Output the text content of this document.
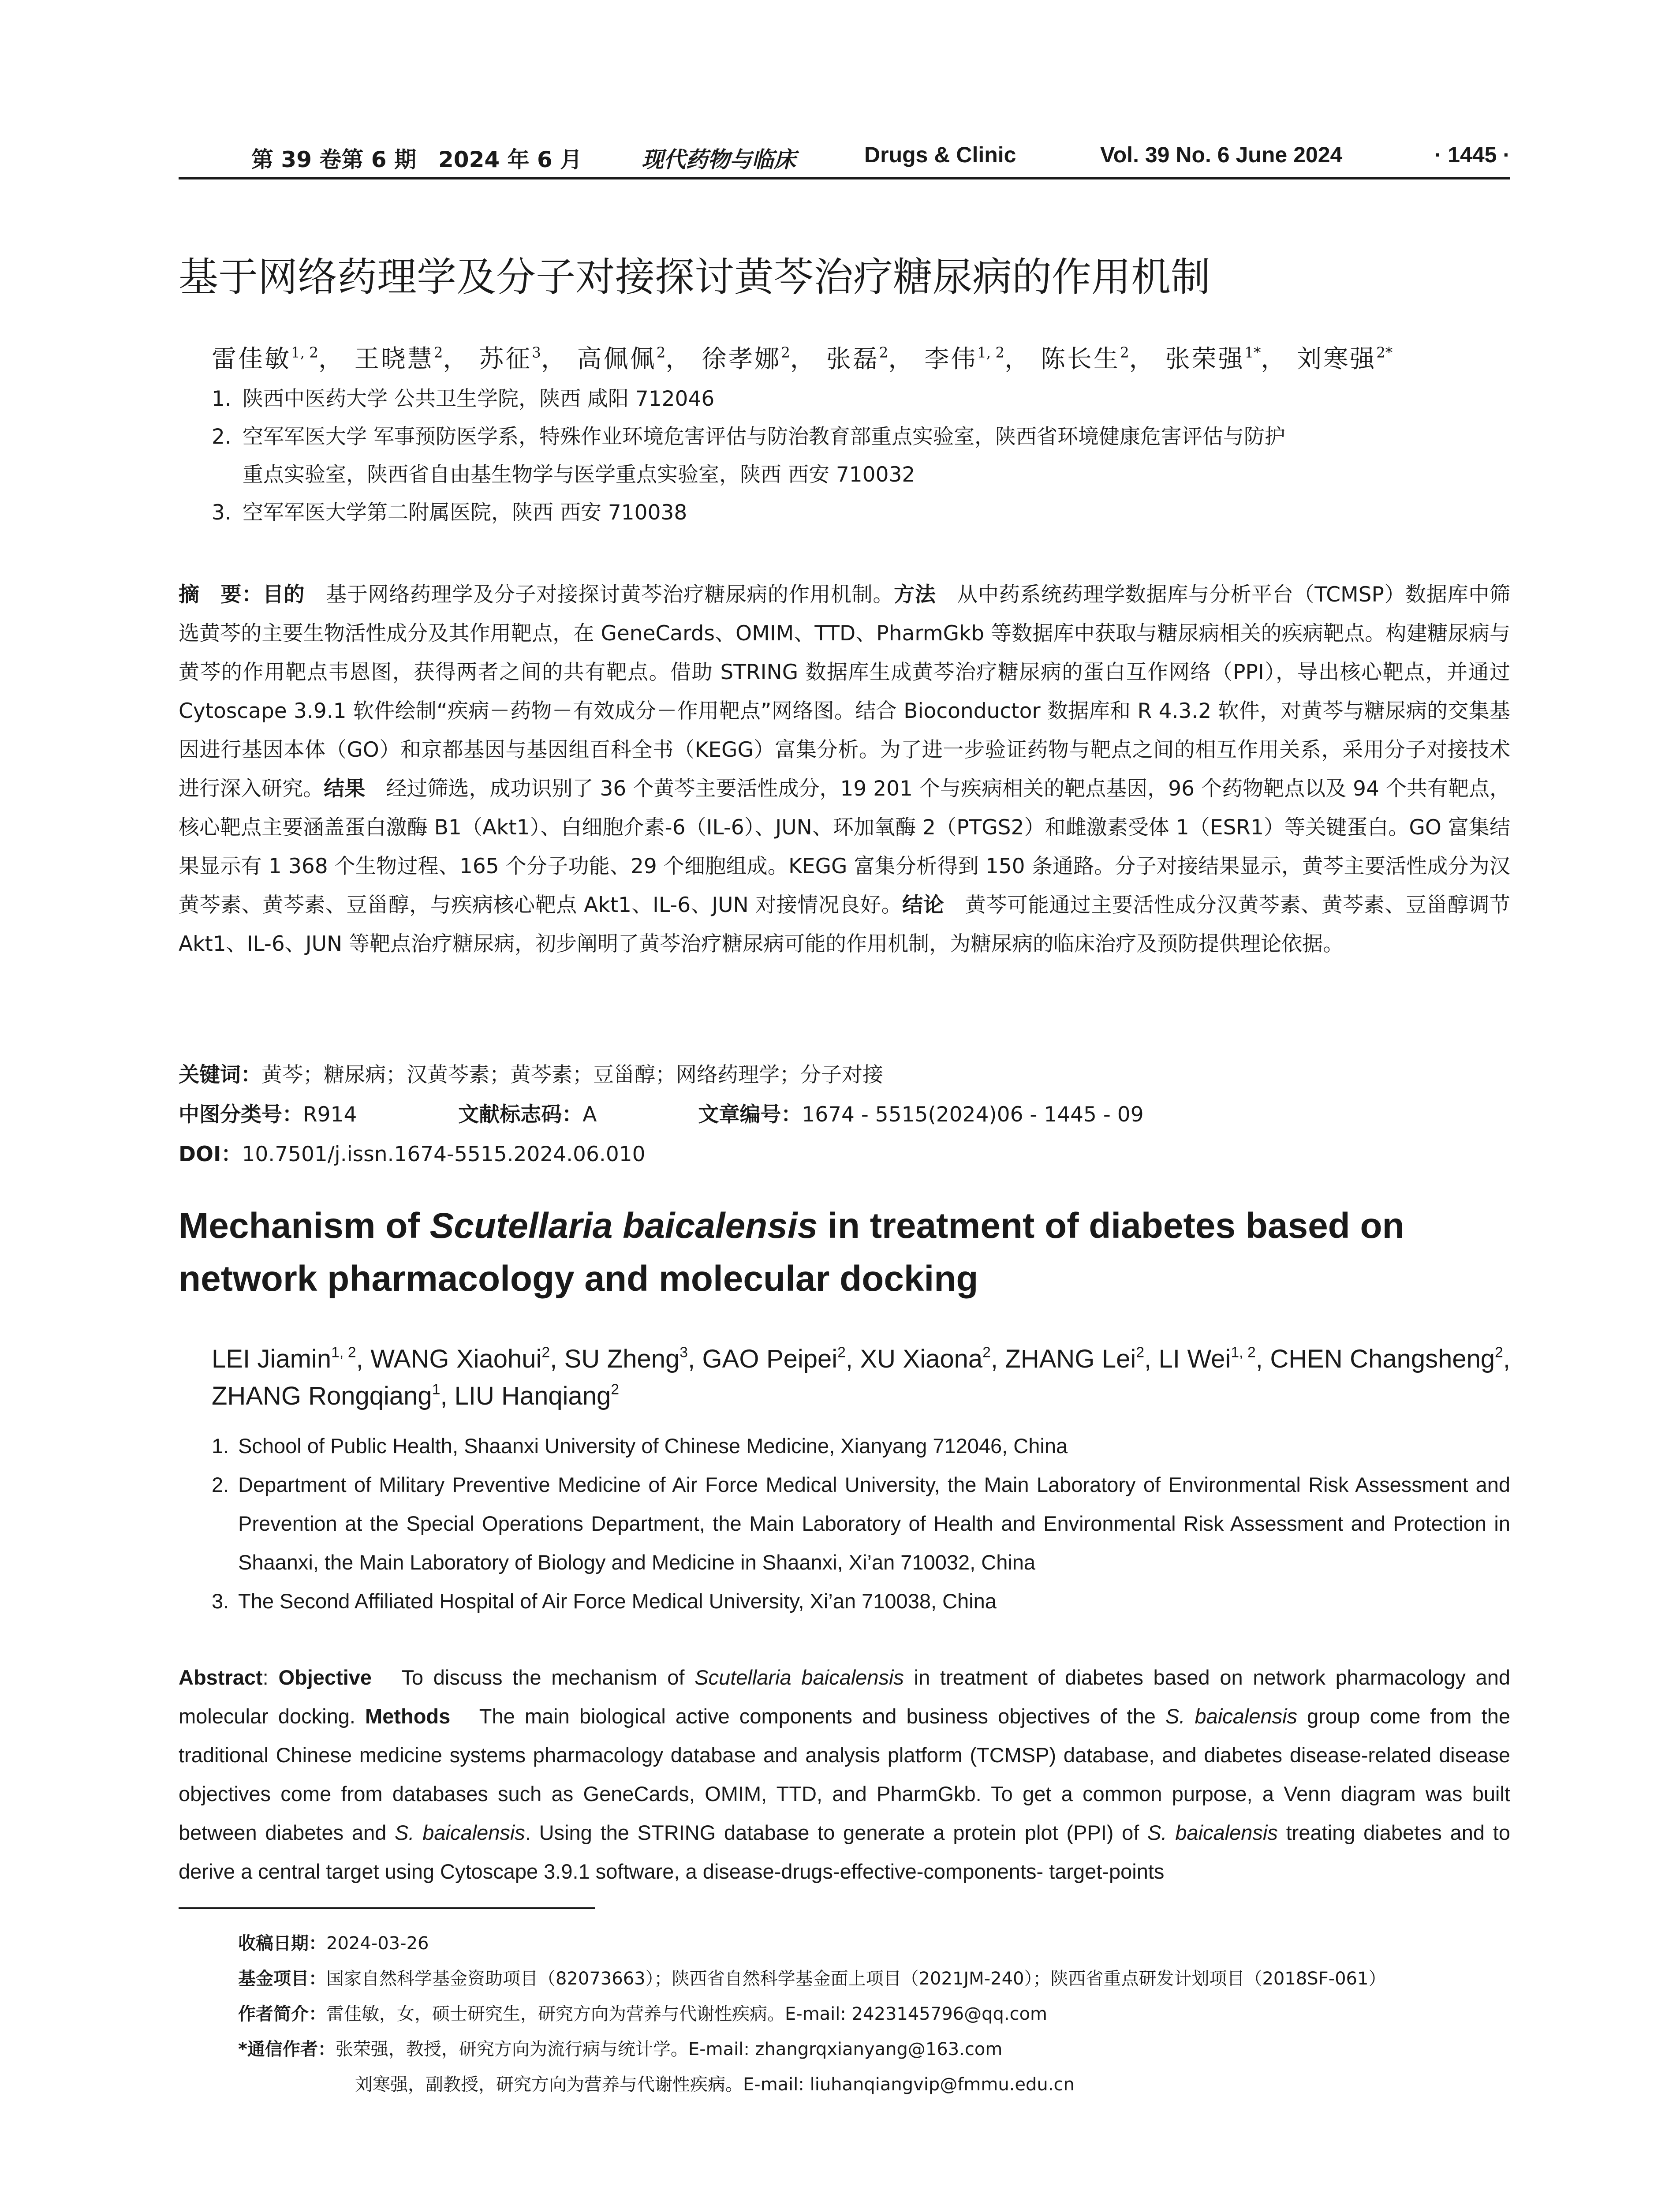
第 39 卷第 6 期　2024 年 6 月	现代药物与临床	Drugs & Clinic	Vol. 39 No. 6 June 2024	· 1445 ·
基于网络药理学及分子对接探讨黄芩治疗糖尿病的作用机制
雷佳敏$^{1, 2}$， 王晓慧$^2$， 苏征$^3$， 高佩佩$^2$， 徐孝娜$^2$， 张磊$^2$， 李伟$^{1, 2}$， 陈长生$^2$， 张荣强$^{1*}$， 刘寒强$^{2*}$
1. 陕西中医药大学 公共卫生学院，陕西 咸阳 712046
2. 空军军医大学 军事预防医学系，特殊作业环境危害评估与防治教育部重点实验室，陕西省环境健康危害评估与防护
重点实验室，陕西省自由基生物学与医学重点实验室，陕西 西安 710032
3. 空军军医大学第二附属医院，陕西 西安 710038
摘　要：目的　 基于网络药理学及分子对接探讨黄芩治疗糖尿病的作用机制。方法　 从中药系统药理学数据库与分析平台（TCMSP）数据库中筛选黄芩的主要生物活性成分及其作用靶点，在 GeneCards、OMIM、TTD、PharmGkb 等数据库中获取与糖尿病相关的疾病靶点。构建糖尿病与黄芩的作用靶点韦恩图，获得两者之间的共有靶点。借助 STRING 数据库生成黄芩治疗糖尿病的蛋白互作网络（PPI），导出核心靶点，并通过 Cytoscape 3.9.1 软件绘制“疾病－药物－有效成分－作用靶点”网络图。结合 Bioconductor 数据库和 R 4.3.2 软件，对黄芩与糖尿病的交集基因进行基因本体（GO）和京都基因与基因组百科全书（KEGG）富集分析。为了进一步验证药物与靶点之间的相互作用关系，采用分子对接技术进行深入研究。结果　 经过筛选，成功识别了 36 个黄芩主要活性成分，19 201 个与疾病相关的靶点基因，96 个药物靶点以及 94 个共有靶点，核心靶点主要涵盖蛋白激酶 B1（Akt1）、白细胞介素-6（IL-6）、JUN、环加氧酶 2（PTGS2）和雌激素受体 1（ESR1）等关键蛋白。GO 富集结果显示有 1 368 个生物过程、165 个分子功能、29 个细胞组成。KEGG 富集分析得到 150 条通路。分子对接结果显示，黄芩主要活性成分为汉黄芩素、黄芩素、豆甾醇，与疾病核心靶点 Akt1、IL-6、JUN 对接情况良好。结论　 黄芩可能通过主要活性成分汉黄芩素、黄芩素、豆甾醇调节 Akt1、IL-6、JUN 等靶点治疗糖尿病，初步阐明了黄芩治疗糖尿病可能的作用机制，为糖尿病的临床治疗及预防提供理论依据。
关键词：黄芩；糖尿病；汉黄芩素；黄芩素；豆甾醇；网络药理学；分子对接
中图分类号：R914	文献标志码：A	文章编号：1674 - 5515(2024)06 - 1445 - 09
DOI：10.7501/j.issn.1674-5515.2024.06.010
Mechanism of Scutellaria baicalensis in treatment of diabetes based on network pharmacology and molecular docking
LEI Jiamin$^{1, 2}$, WANG Xiaohui$^2$, SU Zheng$^3$, GAO Peipei$^2$, XU Xiaona$^2$, ZHANG Lei$^2$, LI Wei$^{1, 2}$, CHEN Changsheng$^2$, ZHANG Rongqiang$^1$, LIU Hanqiang$^2$
1. School of Public Health, Shaanxi University of Chinese Medicine, Xianyang 712046, China
2. Department of Military Preventive Medicine of Air Force Medical University, the Main Laboratory of Environmental Risk Assessment and Prevention at the Special Operations Department, the Main Laboratory of Health and Environmental Risk Assessment and Protection in Shaanxi, the Main Laboratory of Biology and Medicine in Shaanxi, Xi’an 710032, China
3. The Second Affiliated Hospital of Air Force Medical University, Xi’an 710038, China
Abstract: Objective To discuss the mechanism of Scutellaria baicalensis in treatment of diabetes based on network pharmacology and molecular docking. Methods The main biological active components and business objectives of the S. baicalensis group come from the traditional Chinese medicine systems pharmacology database and analysis platform (TCMSP) database, and diabetes disease-related disease objectives come from databases such as GeneCards, OMIM, TTD, and PharmGkb. To get a common purpose, a Venn diagram was built between diabetes and S. baicalensis. Using the STRING database to generate a protein plot (PPI) of S. baicalensis treating diabetes and to derive a central target using Cytoscape 3.9.1 software, a disease-drugs-effective-components- target-points
收稿日期：2024-03-26
基金项目：国家自然科学基金资助项目（82073663）；陕西省自然科学基金面上项目（2021JM-240）；陕西省重点研发计划项目（2018SF-061）
作者简介：雷佳敏，女，硕士研究生，研究方向为营养与代谢性疾病。E-mail: 2423145796@qq.com
*通信作者：张荣强，教授，研究方向为流行病与统计学。E-mail: zhangrqxianyang@163.com
刘寒强，副教授，研究方向为营养与代谢性疾病。E-mail: liuhanqiangvip@fmmu.edu.cn
